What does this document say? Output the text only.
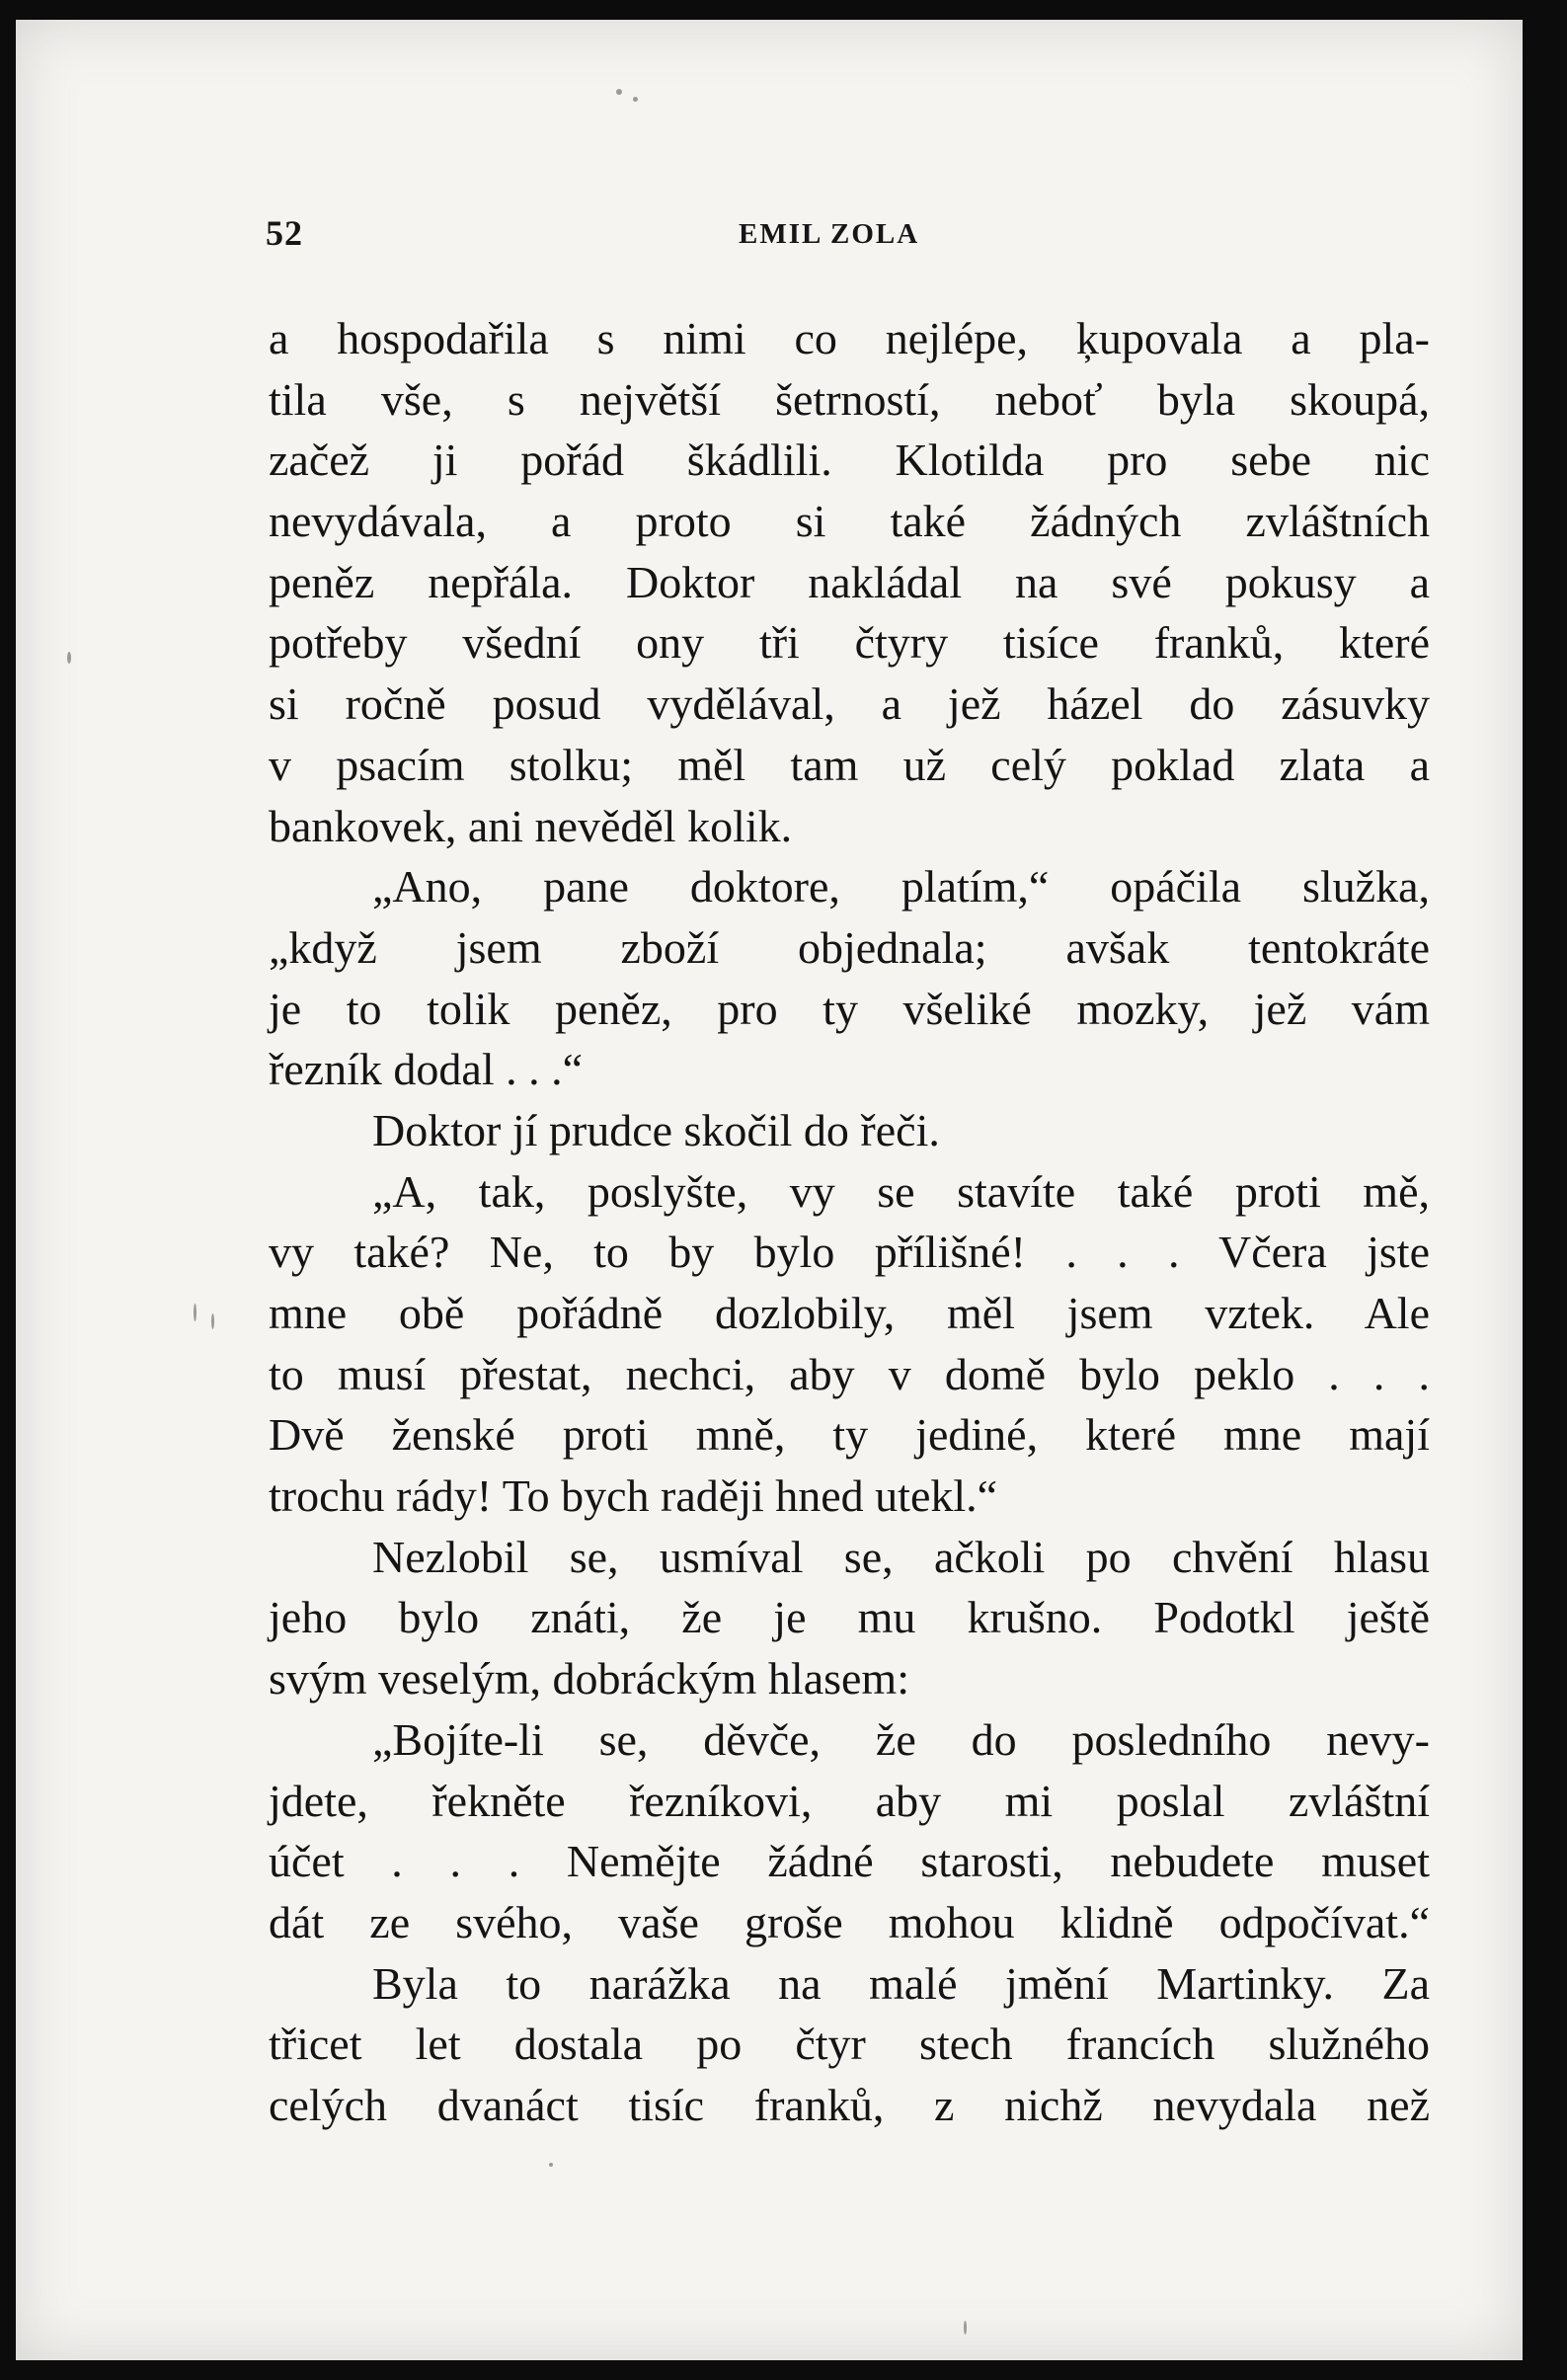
52	EMIL ZOLA
a hospodařila s nimi co nejlépe, ķupovala a pla-
tila vše, s největší šetrností, neboť byla skoupá,
začež ji pořád škádlili. Klotilda pro sebe nic
nevydávala, a proto si také žádných zvláštních
peněz nepřála. Doktor nakládal na své pokusy a
potřeby všední ony tři čtyry tisíce franků, které
si ročně posud vydělával, a jež házel do zásuvky
v psacím stolku; měl tam už celý poklad zlata a
bankovek, ani nevěděl kolik.
„Ano, pane doktore, platím,“ opáčila služka,
„když jsem zboží objednala; avšak tentokráte
je to tolik peněz, pro ty všeliké mozky, jež vám
řezník dodal . . .“
Doktor jí prudce skočil do řeči.
„A, tak, poslyšte, vy se stavíte také proti mě,
vy také? Ne, to by bylo přílišné! . . . Včera jste
mne obě pořádně dozlobily, měl jsem vztek. Ale
to musí přestat, nechci, aby v domě bylo peklo . . .
Dvě ženské proti mně, ty jediné, které mne mají
trochu rády! To bych raději hned utekl.“
Nezlobil se, usmíval se, ačkoli po chvění hlasu
jeho bylo znáti, že je mu krušno. Podotkl ještě
svým veselým, dobráckým hlasem:
„Bojíte-li se, děvče, že do posledního nevy-
jdete, řekněte řezníkovi, aby mi poslal zvláštní
účet . . . Nemějte žádné starosti, nebudete muset
dát ze svého, vaše groše mohou klidně odpočívat.“
Byla to narážka na malé jmění Martinky. Za
třicet let dostala po čtyr stech francích služného
celých dvanáct tisíc franků, z nichž nevydala než
